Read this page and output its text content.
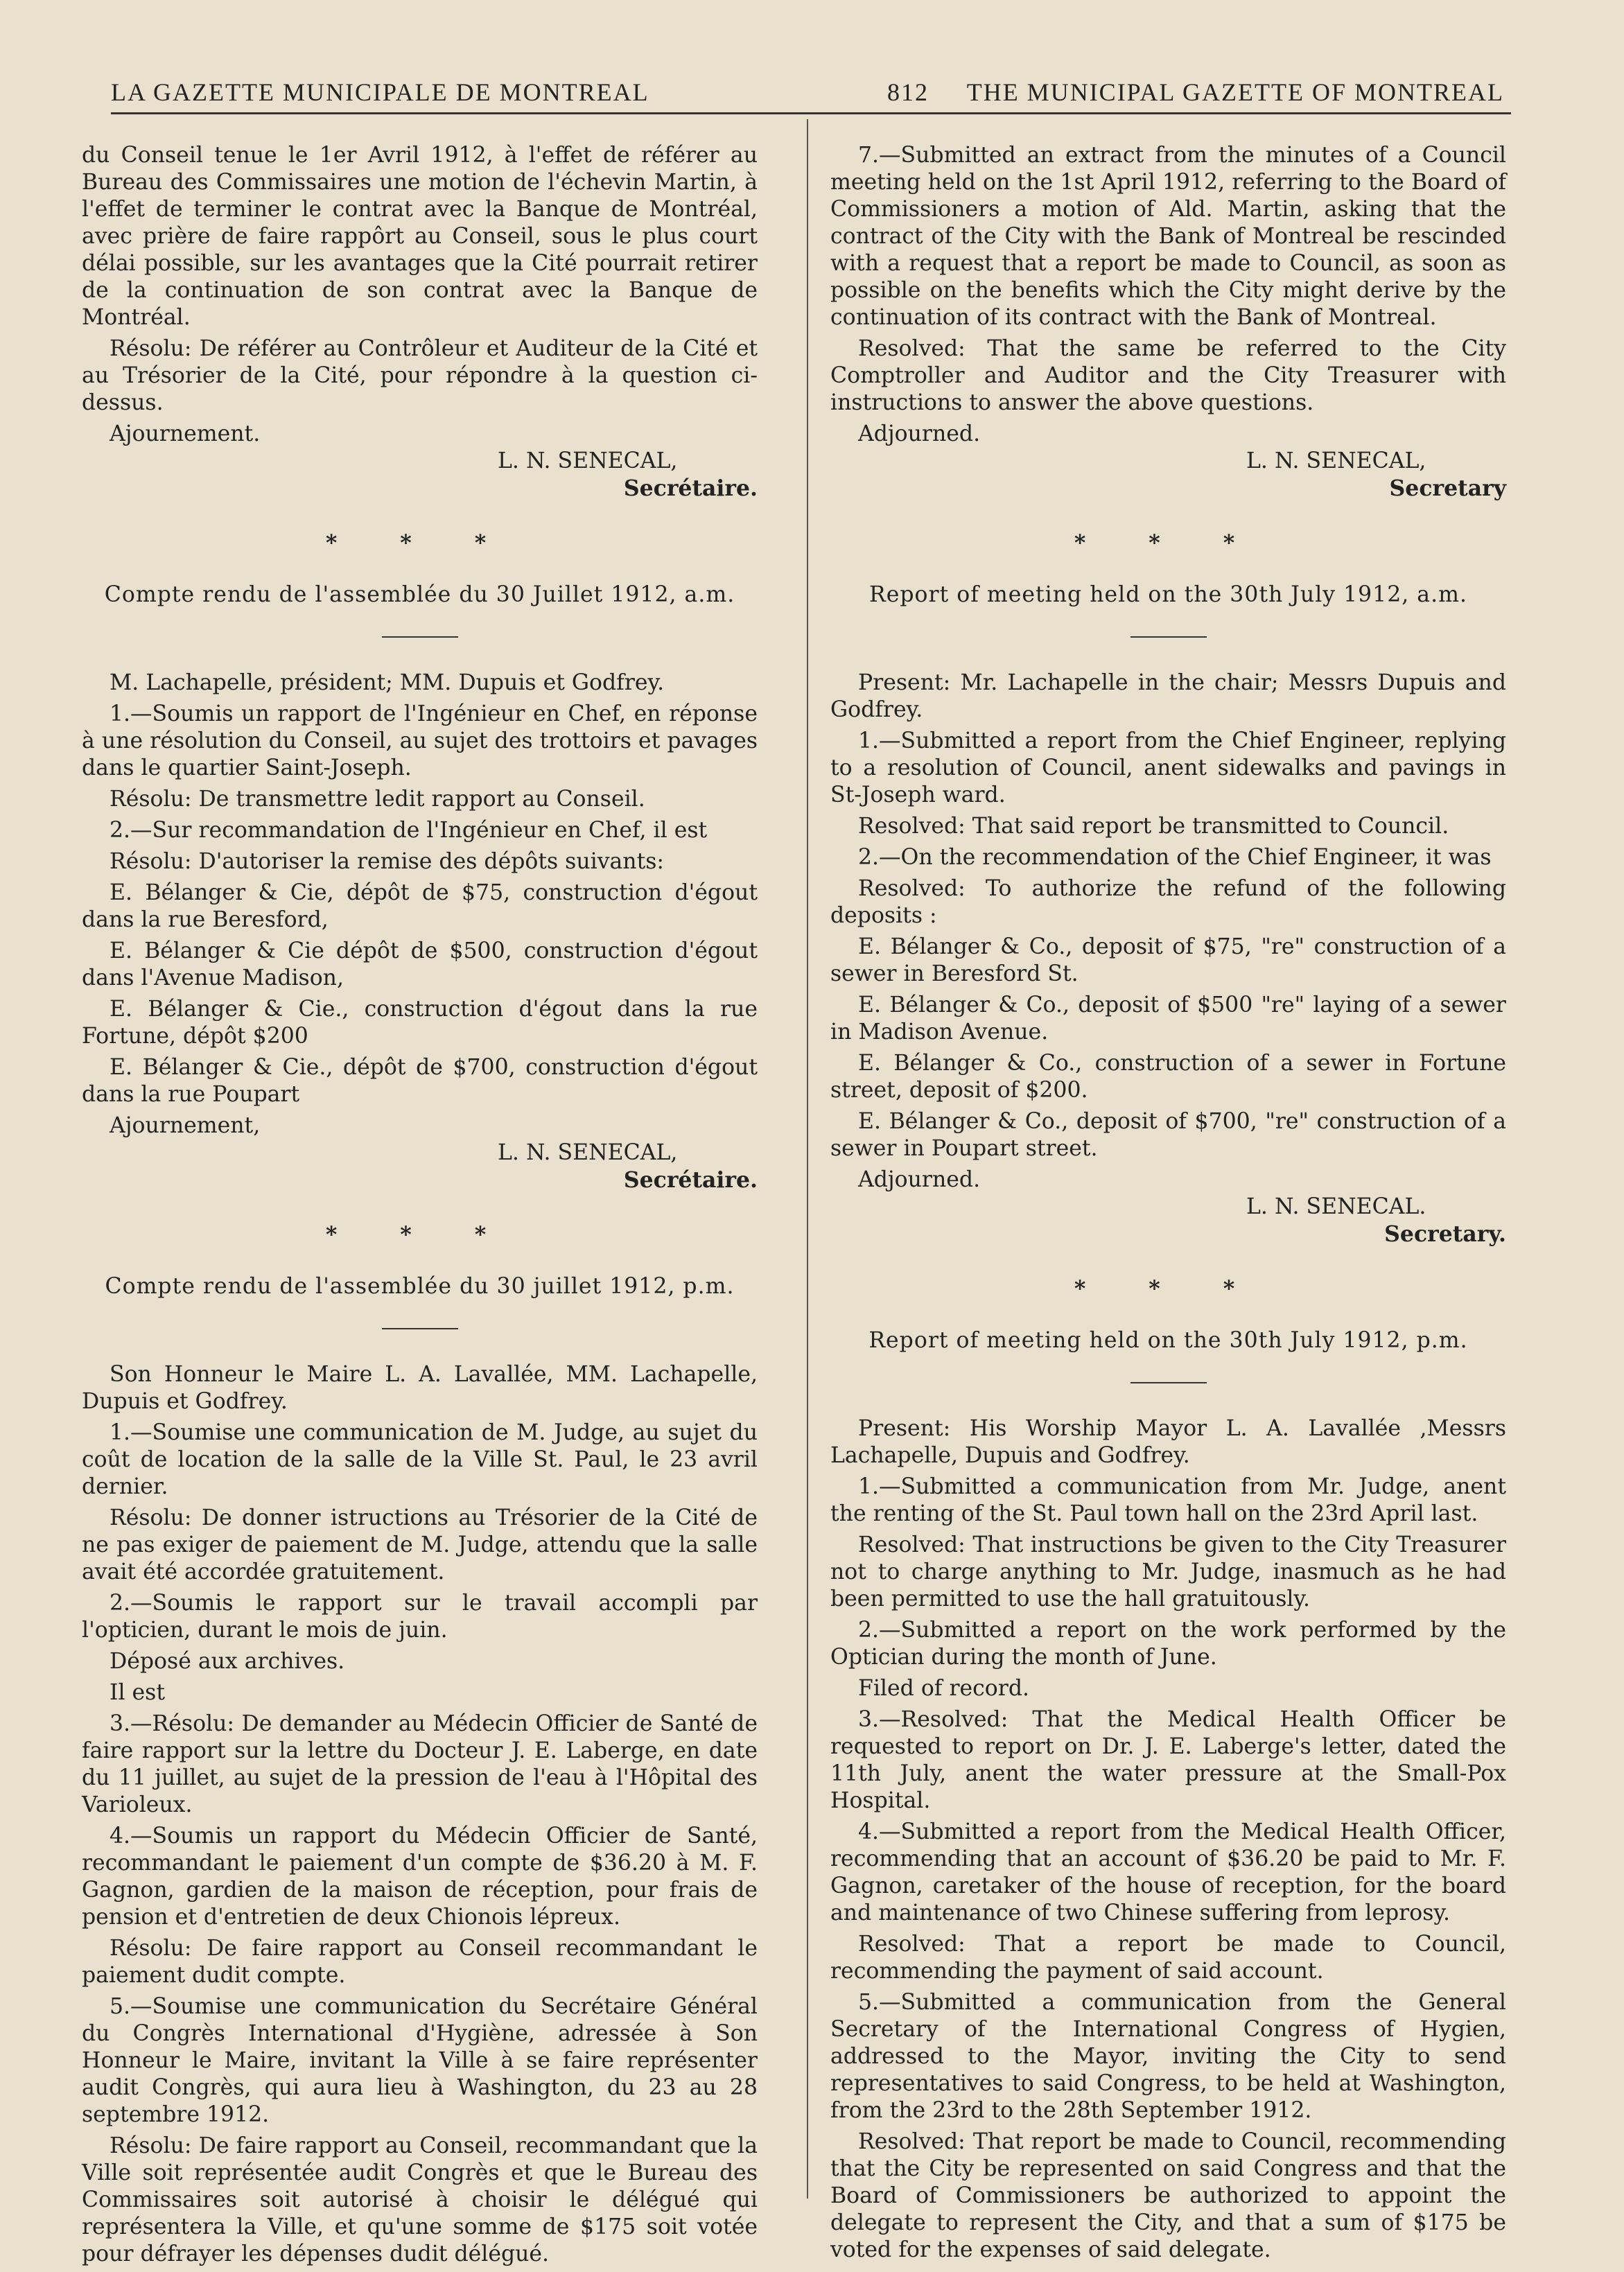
LA GAZETTE MUNICIPALE DE MONTREAL	812 THE MUNICIPAL GAZETTE OF MONTREAL

du Conseil tenue le 1er Avril 1912, à l'effet de référer au Bureau des Commissaires une motion de l'échevin Martin, à l'effet de terminer le contrat avec la Banque de Montréal, avec prière de faire rappôrt au Conseil, sous le plus court délai possible, sur les avantages que la Cité pourrait retirer de la continuation de son contrat avec la Banque de Montréal.

Résolu: De référer au Contrôleur et Auditeur de la Cité et au Trésorier de la Cité, pour répondre à la question ci-dessus.

Ajournement.

L. N. SENECAL,

Secrétaire.

* * *

Compte rendu de l'assemblée du 30 Juillet 1912, a.m.

M. Lachapelle, président; MM. Dupuis et Godfrey.

1.—Soumis un rapport de l'Ingénieur en Chef, en réponse à une résolution du Conseil, au sujet des trottoirs et pavages dans le quartier Saint-Joseph.

Résolu: De transmettre ledit rapport au Conseil.

2.—Sur recommandation de l'Ingénieur en Chef, il est

Résolu: D'autoriser la remise des dépôts suivants:

E. Bélanger & Cie, dépôt de $75, construction d'égout dans la rue Beresford,

E. Bélanger & Cie dépôt de $500, construction d'égout dans l'Avenue Madison,

E. Bélanger & Cie., construction d'égout dans la rue Fortune, dépôt $200

E. Bélanger & Cie., dépôt de $700, construction d'égout dans la rue Poupart

Ajournement,

L. N. SENECAL,

Secrétaire.

* * *

Compte rendu de l'assemblée du 30 juillet 1912, p.m.

Son Honneur le Maire L. A. Lavallée, MM. Lachapelle, Dupuis et Godfrey.

1.—Soumise une communication de M. Judge, au sujet du coût de location de la salle de la Ville St. Paul, le 23 avril dernier.

Résolu: De donner istructions au Trésorier de la Cité de ne pas exiger de paiement de M. Judge, attendu que la salle avait été accordée gratuitement.

2.—Soumis le rapport sur le travail accompli par l'opticien, durant le mois de juin.

Déposé aux archives.

Il est

3.—Résolu: De demander au Médecin Officier de Santé de faire rapport sur la lettre du Docteur J. E. Laberge, en date du 11 juillet, au sujet de la pression de l'eau à l'Hôpital des Varioleux.

4.—Soumis un rapport du Médecin Officier de Santé, recommandant le paiement d'un compte de $36.20 à M. F. Gagnon, gardien de la maison de réception, pour frais de pension et d'entretien de deux Chionois lépreux.

Résolu: De faire rapport au Conseil recommandant le paiement dudit compte.

5.—Soumise une communication du Secrétaire Général du Congrès International d'Hygiène, adressée à Son Honneur le Maire, invitant la Ville à se faire représenter audit Congrès, qui aura lieu à Washington, du 23 au 28 septembre 1912.

Résolu: De faire rapport au Conseil, recommandant que la Ville soit représentée audit Congrès et que le Bureau des Commissaires soit autorisé à choisir le délégué qui représentera la Ville, et qu'une somme de $175 soit votée pour défrayer les dépenses dudit délégué.

7.—Submitted an extract from the minutes of a Council meeting held on the 1st April 1912, referring to the Board of Commissioners a motion of Ald. Martin, asking that the contract of the City with the Bank of Montreal be rescinded with a request that a report be made to Council, as soon as possible on the benefits which the City might derive by the continuation of its contract with the Bank of Montreal.

Resolved: That the same be referred to the City Comptroller and Auditor and the City Treasurer with instructions to answer the above questions.

Adjourned.

L. N. SENECAL,

Secretary

* * *

Report of meeting held on the 30th July 1912, a.m.

Present: Mr. Lachapelle in the chair; Messrs Dupuis and Godfrey.

1.—Submitted a report from the Chief Engineer, replying to a resolution of Council, anent sidewalks and pavings in St-Joseph ward.

Resolved: That said report be transmitted to Council.

2.—On the recommendation of the Chief Engineer, it was

Resolved: To authorize the refund of the following deposits :

E. Bélanger & Co., deposit of $75, "re" construction of a sewer in Beresford St.

E. Bélanger & Co., deposit of $500 "re" laying of a sewer in Madison Avenue.

E. Bélanger & Co., construction of a sewer in Fortune street, deposit of $200.

E. Bélanger & Co., deposit of $700, "re" construction of a sewer in Poupart street.

Adjourned.

L. N. SENECAL.

Secretary.

* * *

Report of meeting held on the 30th July 1912, p.m.

Present: His Worship Mayor L. A. Lavallée ,Messrs Lachapelle, Dupuis and Godfrey.

1.—Submitted a communication from Mr. Judge, anent the renting of the St. Paul town hall on the 23rd April last.

Resolved: That instructions be given to the City Treasurer not to charge anything to Mr. Judge, inasmuch as he had been permitted to use the hall gratuitously.

2.—Submitted a report on the work performed by the Optician during the month of June.

Filed of record.

3.—Resolved: That the Medical Health Officer be requested to report on Dr. J. E. Laberge's letter, dated the 11th July, anent the water pressure at the Small-Pox Hospital.

4.—Submitted a report from the Medical Health Officer, recommending that an account of $36.20 be paid to Mr. F. Gagnon, caretaker of the house of reception, for the board and maintenance of two Chinese suffering from leprosy.

Resolved: That a report be made to Council, recommending the payment of said account.

5.—Submitted a communication from the General Secretary of the International Congress of Hygien, addressed to the Mayor, inviting the City to send representatives to said Congress, to be held at Washington, from the 23rd to the 28th September 1912.

Resolved: That report be made to Council, recommending that the City be represented on said Congress and that the Board of Commissioners be authorized to appoint the delegate to represent the City, and that a sum of $175 be voted for the expenses of said delegate.
